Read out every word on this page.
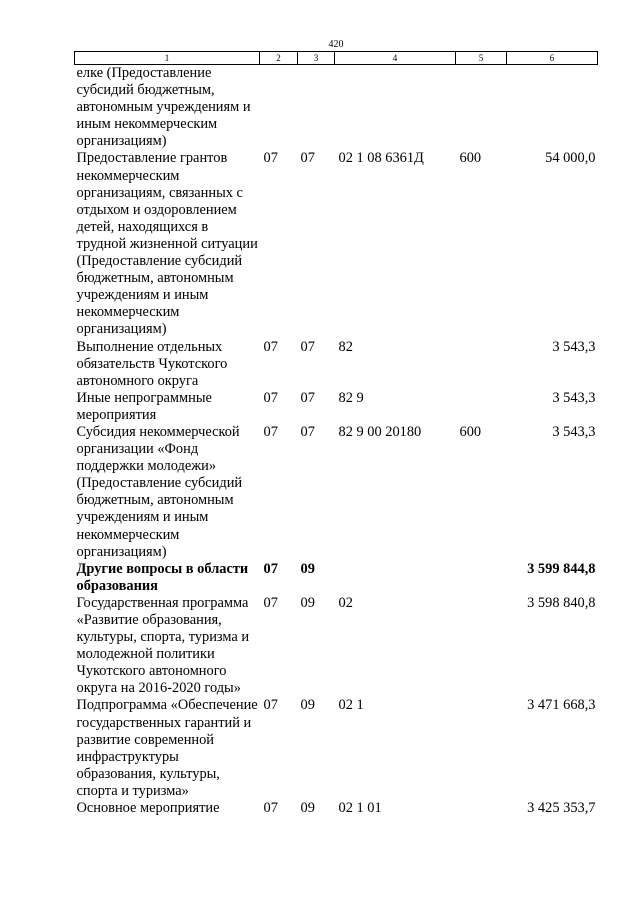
420
1	2	3	4	5	6
елке (Предоставление субсидий бюджетным, автономным учреждениям и иным некоммерческим организациям)					
Предоставление грантов некоммерческим организациям, связанных с отдыхом и оздоровлением детей, находящихся в трудной жизненной ситуации (Предоставление субсидий бюджетным, автономным учреждениям и иным некоммерческим организациям)	07	07	02 1 08 6361Д	600	54 000,0
Выполнение отдельных обязательств Чукотского автономного округа	07	07	82		3 543,3
Иные непрограммные мероприятия	07	07	82 9		3 543,3
Субсидия некоммерческой организации «Фонд поддержки молодежи» (Предоставление субсидий бюджетным, автономным учреждениям и иным некоммерческим организациям)	07	07	82 9 00 20180	600	3 543,3
Другие вопросы в области образования	07	09			3 599 844,8
Государственная программа «Развитие образования, культуры, спорта, туризма и молодежной политики Чукотского автономного округа на 2016-2020 годы»	07	09	02		3 598 840,8
Подпрограмма «Обеспечение государственных гарантий и развитие современной инфраструктуры образования, культуры, спорта и туризма»	07	09	02 1		3 471 668,3
Основное мероприятие	07	09	02 1 01		3 425 353,7
